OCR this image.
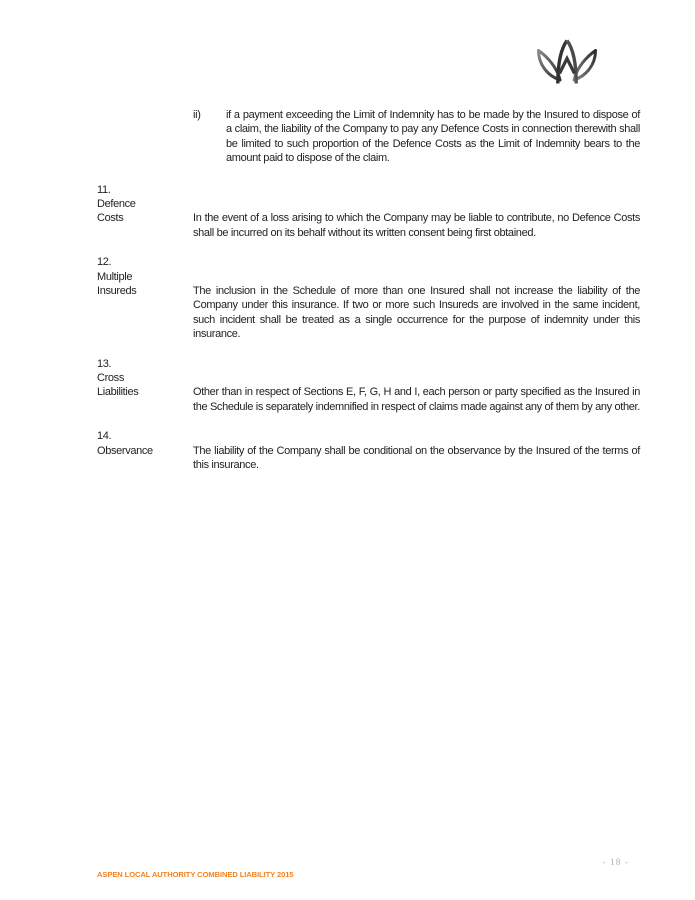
ii)	if a payment exceeding the Limit of Indemnity has to be made by the Insured to dispose of a claim, the liability of the Company to pay any Defence Costs in connection therewith shall be limited to such proportion of the Defence Costs as the Limit of Indemnity bears to the amount paid to dispose of the claim.

11.
Defence
Costs	In the event of a loss arising to which the Company may be liable to contribute, no Defence Costs shall be incurred on its behalf without its written consent being first obtained.

12.
Multiple
Insureds	The inclusion in the Schedule of more than one Insured shall not increase the liability of the Company under this insurance. If two or more such Insureds are involved in the same incident, such incident shall be treated as a single occurrence for the purpose of indemnity under this insurance.

13.
Cross
Liabilities	Other than in respect of Sections E, F, G, H and I, each person or party specified as the Insured in the Schedule is separately indemnified in respect of claims made against any of them by any other.

14.
Observance	The liability of the Company shall be conditional on the observance by the Insured of the terms of this insurance.

- 18 -
ASPEN LOCAL AUTHORITY COMBINED LIABILITY 2015
